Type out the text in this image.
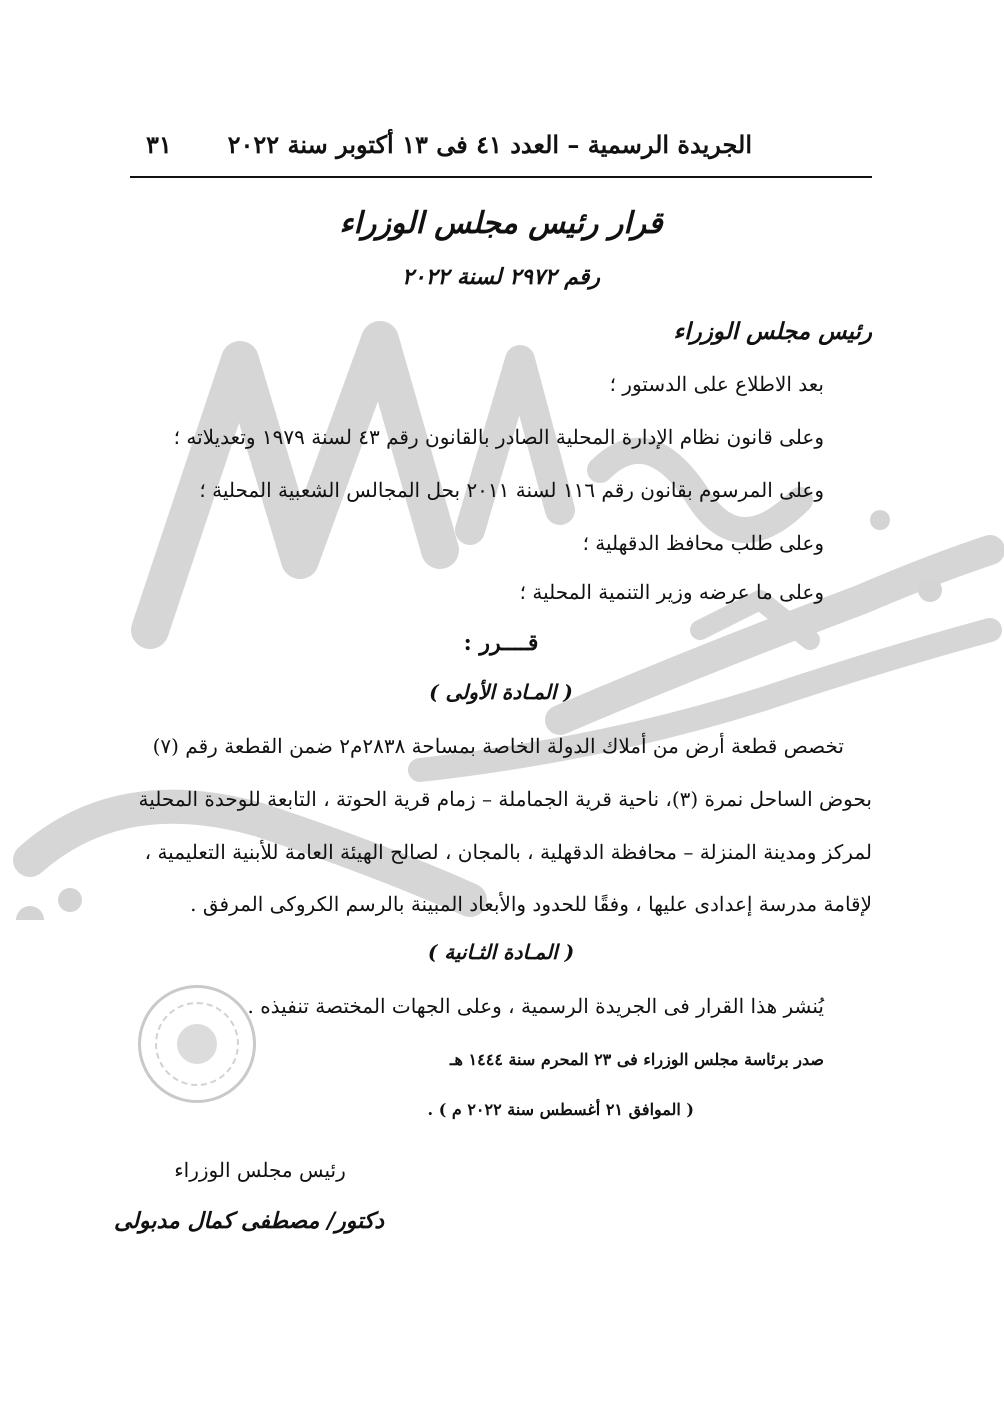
الجريدة الرسمية – العدد ٤١ فى ١٣ أكتوبر سنة ٢٠٢٢
٣١
قرار رئيس مجلس الوزراء
رقم ٢٩٧٢ لسنة ٢٠٢٢
رئيس مجلس الوزراء
بعد الاطلاع على الدستور ؛
وعلى قانون نظام الإدارة المحلية الصادر بالقانون رقم ٤٣ لسنة ١٩٧٩ وتعديلاته ؛
وعلى المرسوم بقانون رقم ١١٦ لسنة ٢٠١١ بحل المجالس الشعبية المحلية ؛
وعلى طلب محافظ الدقهلية ؛
وعلى ما عرضه وزير التنمية المحلية ؛
قــــرر :
( المـادة الأولى )
تخصص قطعة أرض من أملاك الدولة الخاصة بمساحة ٢٨٣٨م٢ ضمن القطعة رقم (٧)
بحوض الساحل نمرة (٣)، ناحية قرية الجماملة – زمام قرية الحوتة ، التابعة للوحدة المحلية
لمركز ومدينة المنزلة – محافظة الدقهلية ، بالمجان ، لصالح الهيئة العامة للأبنية التعليمية ،
لإقامة مدرسة إعدادى عليها ، وفقًا للحدود والأبعاد المبينة بالرسم الكروكى المرفق .
( المـادة الثـانية )
يُنشر هذا القرار فى الجريدة الرسمية ، وعلى الجهات المختصة تنفيذه .
صدر برئاسة مجلس الوزراء فى ٢٣ المحرم سنة ١٤٤٤ هـ
( الموافق ٢١ أغسطس سنة ٢٠٢٢ م ) .
رئيس مجلس الوزراء
دكتور/ مصطفى كمال مدبولى
